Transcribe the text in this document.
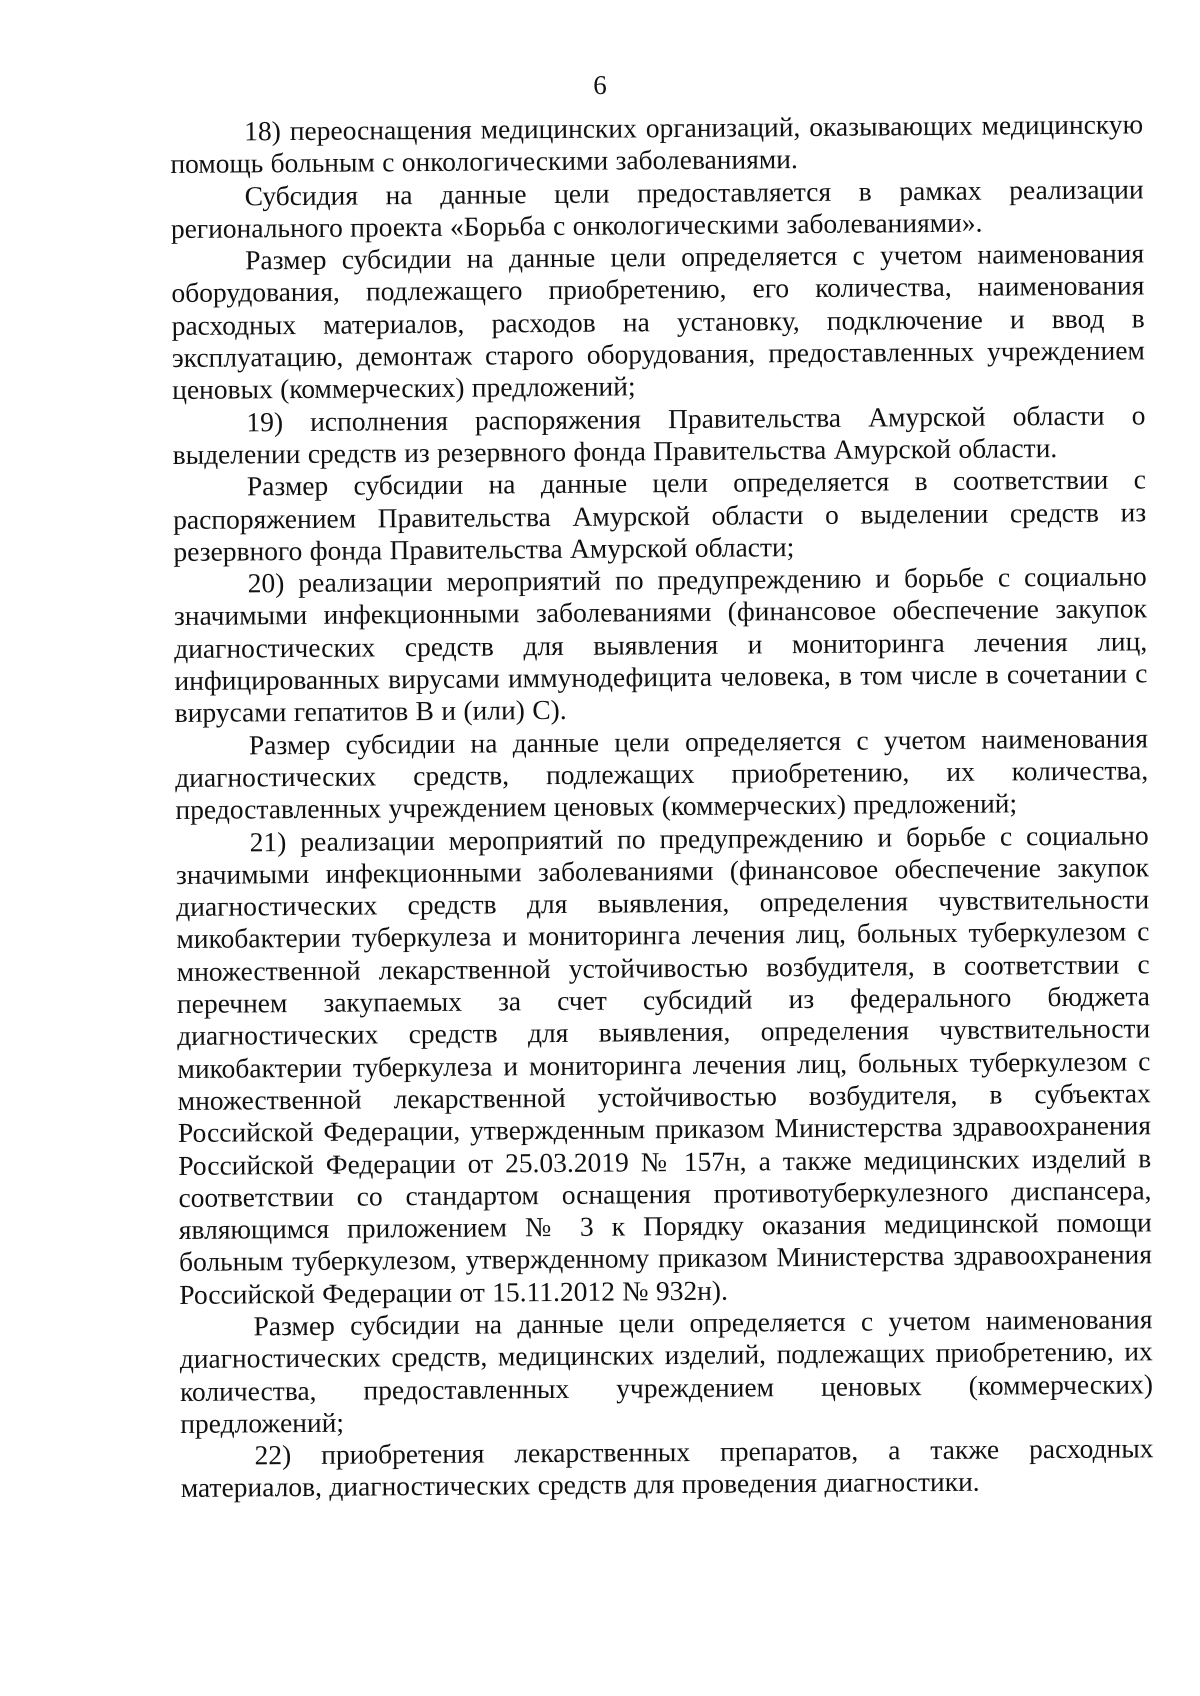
6

18) переоснащения медицинских организаций, оказывающих медицинскую помощь больным с онкологическими заболеваниями.

Субсидия на данные цели предоставляется в рамках реализации регионального проекта «Борьба с онкологическими заболеваниями».

Размер субсидии на данные цели определяется с учетом наименования оборудования, подлежащего приобретению, его количества, наименования расходных материалов, расходов на установку, подключение и ввод в эксплуатацию, демонтаж старого оборудования, предоставленных учреждением ценовых (коммерческих) предложений;

19) исполнения распоряжения Правительства Амурской области о выделении средств из резервного фонда Правительства Амурской области.

Размер субсидии на данные цели определяется в соответствии с распоряжением Правительства Амурской области о выделении средств из резервного фонда Правительства Амурской области;

20) реализации мероприятий по предупреждению и борьбе с социально значимыми инфекционными заболеваниями (финансовое обеспечение закупок диагностических средств для выявления и мониторинга лечения лиц, инфицированных вирусами иммунодефицита человека, в том числе в сочетании с вирусами гепатитов В и (или) С).

Размер субсидии на данные цели определяется с учетом наименования диагностических средств, подлежащих приобретению, их количества, предоставленных учреждением ценовых (коммерческих) предложений;

21) реализации мероприятий по предупреждению и борьбе с социально значимыми инфекционными заболеваниями (финансовое обеспечение закупок диагностических средств для выявления, определения чувствительности микобактерии туберкулеза и мониторинга лечения лиц, больных туберкулезом с множественной лекарственной устойчивостью возбудителя, в соответствии с перечнем закупаемых за счет субсидий из федерального бюджета диагностических средств для выявления, определения чувствительности микобактерии туберкулеза и мониторинга лечения лиц, больных туберкулезом с множественной лекарственной устойчивостью возбудителя, в субъектах Российской Федерации, утвержденным приказом Министерства здравоохранения Российской Федерации от 25.03.2019 № 157н, а также медицинских изделий в соответствии со стандартом оснащения противотуберкулезного диспансера, являющимся приложением № 3 к Порядку оказания медицинской помощи больным туберкулезом, утвержденному приказом Министерства здравоохранения Российской Федерации от 15.11.2012 № 932н).

Размер субсидии на данные цели определяется с учетом наименования диагностических средств, медицинских изделий, подлежащих приобретению, их количества, предоставленных учреждением ценовых (коммерческих) предложений;

22) приобретения лекарственных препаратов, а также расходных материалов, диагностических средств для проведения диагностики.
